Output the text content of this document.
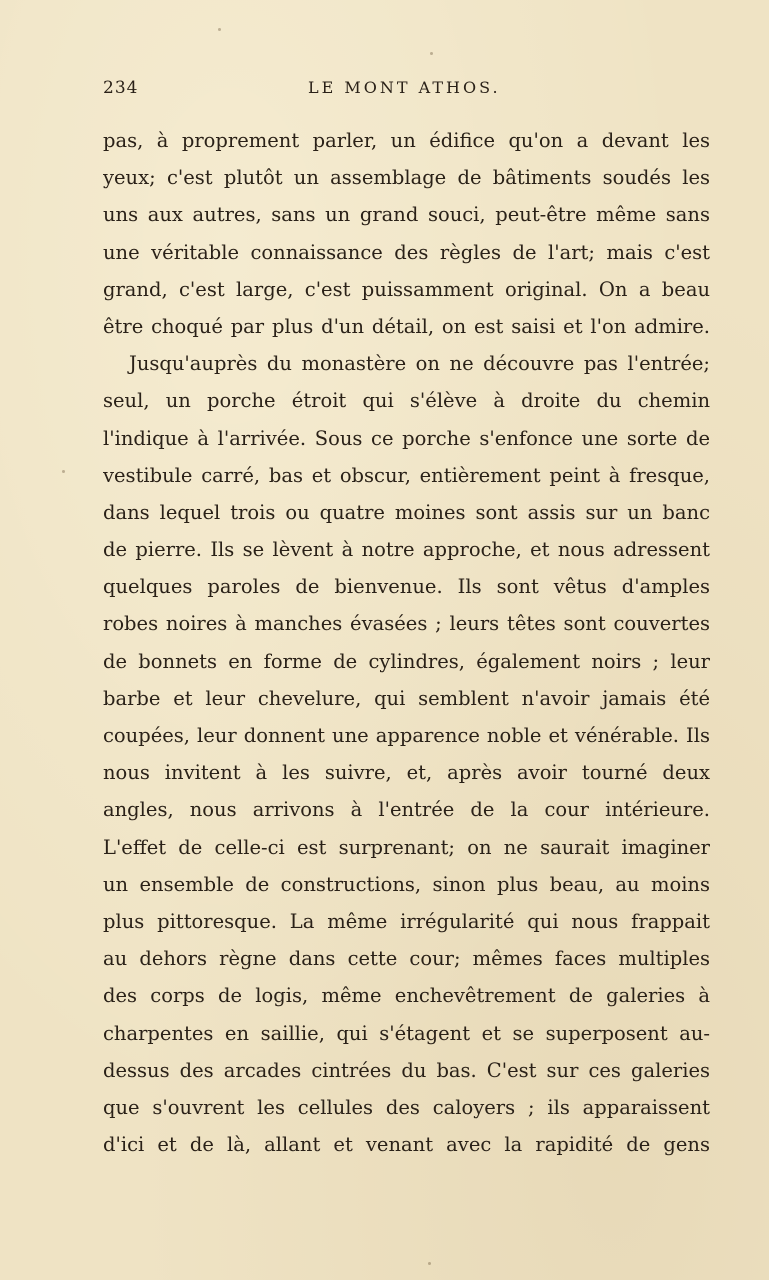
234	LE MONT ATHOS.
pas, à proprement parler, un édifice qu'on a devant les
yeux; c'est plutôt un assemblage de bâtiments soudés les
uns aux autres, sans un grand souci, peut-être même sans
une véritable connaissance des règles de l'art; mais c'est
grand, c'est large, c'est puissamment original. On a beau
être choqué par plus d'un détail, on est saisi et l'on admire.
Jusqu'auprès du monastère on ne découvre pas l'entrée;
seul, un porche étroit qui s'élève à droite du chemin
l'indique à l'arrivée. Sous ce porche s'enfonce une sorte de
vestibule carré, bas et obscur, entièrement peint à fresque,
dans lequel trois ou quatre moines sont assis sur un banc
de pierre. Ils se lèvent à notre approche, et nous adressent
quelques paroles de bienvenue. Ils sont vêtus d'amples
robes noires à manches évasées ; leurs têtes sont couvertes
de bonnets en forme de cylindres, également noirs ; leur
barbe et leur chevelure, qui semblent n'avoir jamais été
coupées, leur donnent une apparence noble et vénérable. Ils
nous invitent à les suivre, et, après avoir tourné deux
angles, nous arrivons à l'entrée de la cour intérieure.
L'effet de celle-ci est surprenant; on ne saurait imaginer
un ensemble de constructions, sinon plus beau, au moins
plus pittoresque. La même irrégularité qui nous frappait
au dehors règne dans cette cour; mêmes faces multiples
des corps de logis, même enchevêtrement de galeries à
charpentes en saillie, qui s'étagent et se superposent au-
dessus des arcades cintrées du bas. C'est sur ces galeries
que s'ouvrent les cellules des caloyers ; ils apparaissent
d'ici et de là, allant et venant avec la rapidité de gens
